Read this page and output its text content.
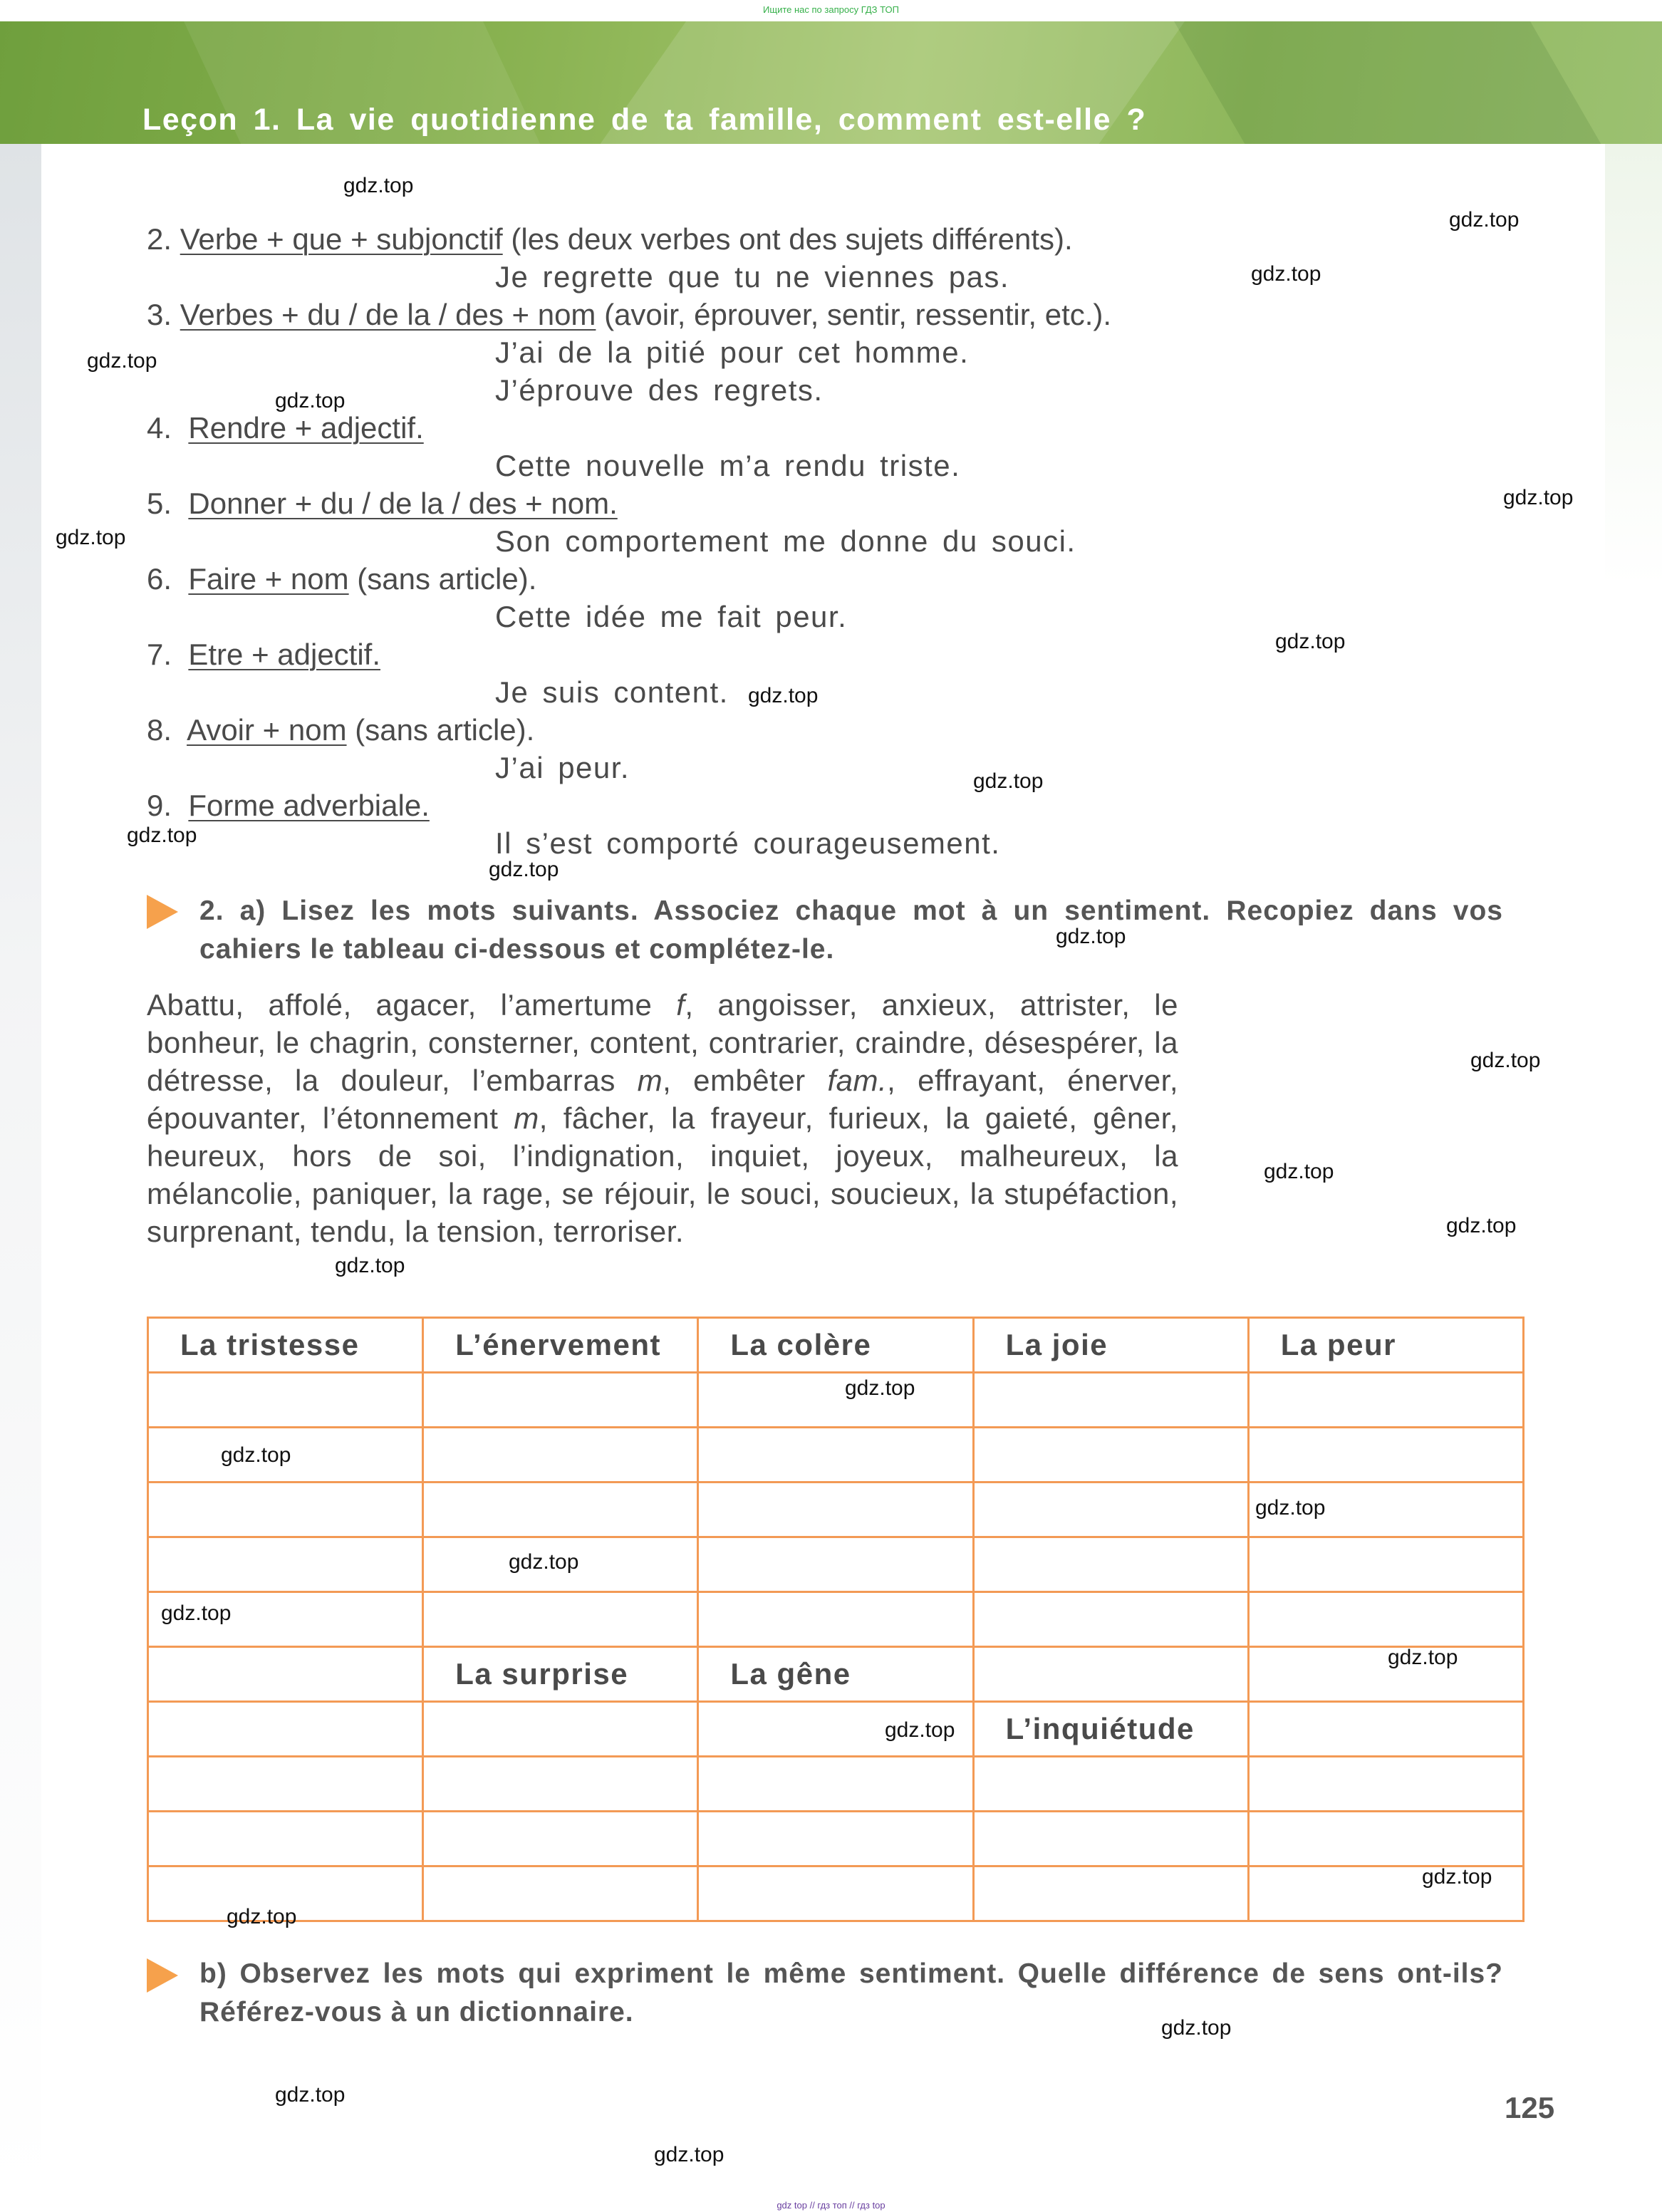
Ищите нас по запросу ГДЗ ТОП
Leçon 1. La vie quotidienne de ta famille, comment est-elle ?
2. Verbe + que + subjonctif (les deux verbes ont des sujets différents).
Je regrette que tu ne viennes pas.
3. Verbes + du / de la / des + nom (avoir, éprouver, sentir, ressentir, etc.).
J’ai de la pitié pour cet homme.
J’éprouve des regrets.
4. Rendre + adjectif.
Cette nouvelle m’a rendu triste.
5. Donner + du / de la / des + nom.
Son comportement me donne du souci.
6. Faire + nom (sans article).
Cette idée me fait peur.
7. Etre + adjectif.
Je suis content.
8. Avoir + nom (sans article).
J’ai peur.
9. Forme adverbiale.
Il s’est comporté courageusement.
2. a) Lisez les mots suivants. Associez chaque mot à un sentiment. Recopiez dans vos cahiers le tableau ci-dessous et complétez-le.
Abattu, affolé, agacer, l’amertume f, angoisser, anxieux, attrister, le bonheur, le chagrin, consterner, content, contrarier, craindre, désespérer, la détresse, la douleur, l’embarras m, embêter fam., effrayant, énerver, épouvanter, l’étonnement m, fâcher, la frayeur, furieux, la gaieté, gêner, heureux, hors de soi, l’indignation, inquiet, joyeux, malheureux, la mélancolie, paniquer, la rage, se réjouir, le souci, soucieux, la stupéfaction, surprenant, tendu, la tension, terroriser.
La tristesse	L’énervement	La colère	La joie	La peur

	La surprise	La gêne		
			L’inquiétude	

b) Observez les mots qui expriment le même sentiment. Quelle différence de sens ont-ils? Référez-vous à un dictionnaire.
125
gdz.top
gdz.top
gdz.top
gdz.top
gdz.top
gdz.top
gdz.top
gdz.top
gdz.top
gdz.top
gdz.top
gdz.top
gdz.top
gdz.top
gdz.top
gdz.top
gdz.top
gdz.top
gdz.top
gdz.top
gdz.top
gdz.top
gdz.top
gdz.top
gdz.top
gdz.top
gdz.top
gdz.top
gdz.top
gdz top // гдз топ // гдз top
